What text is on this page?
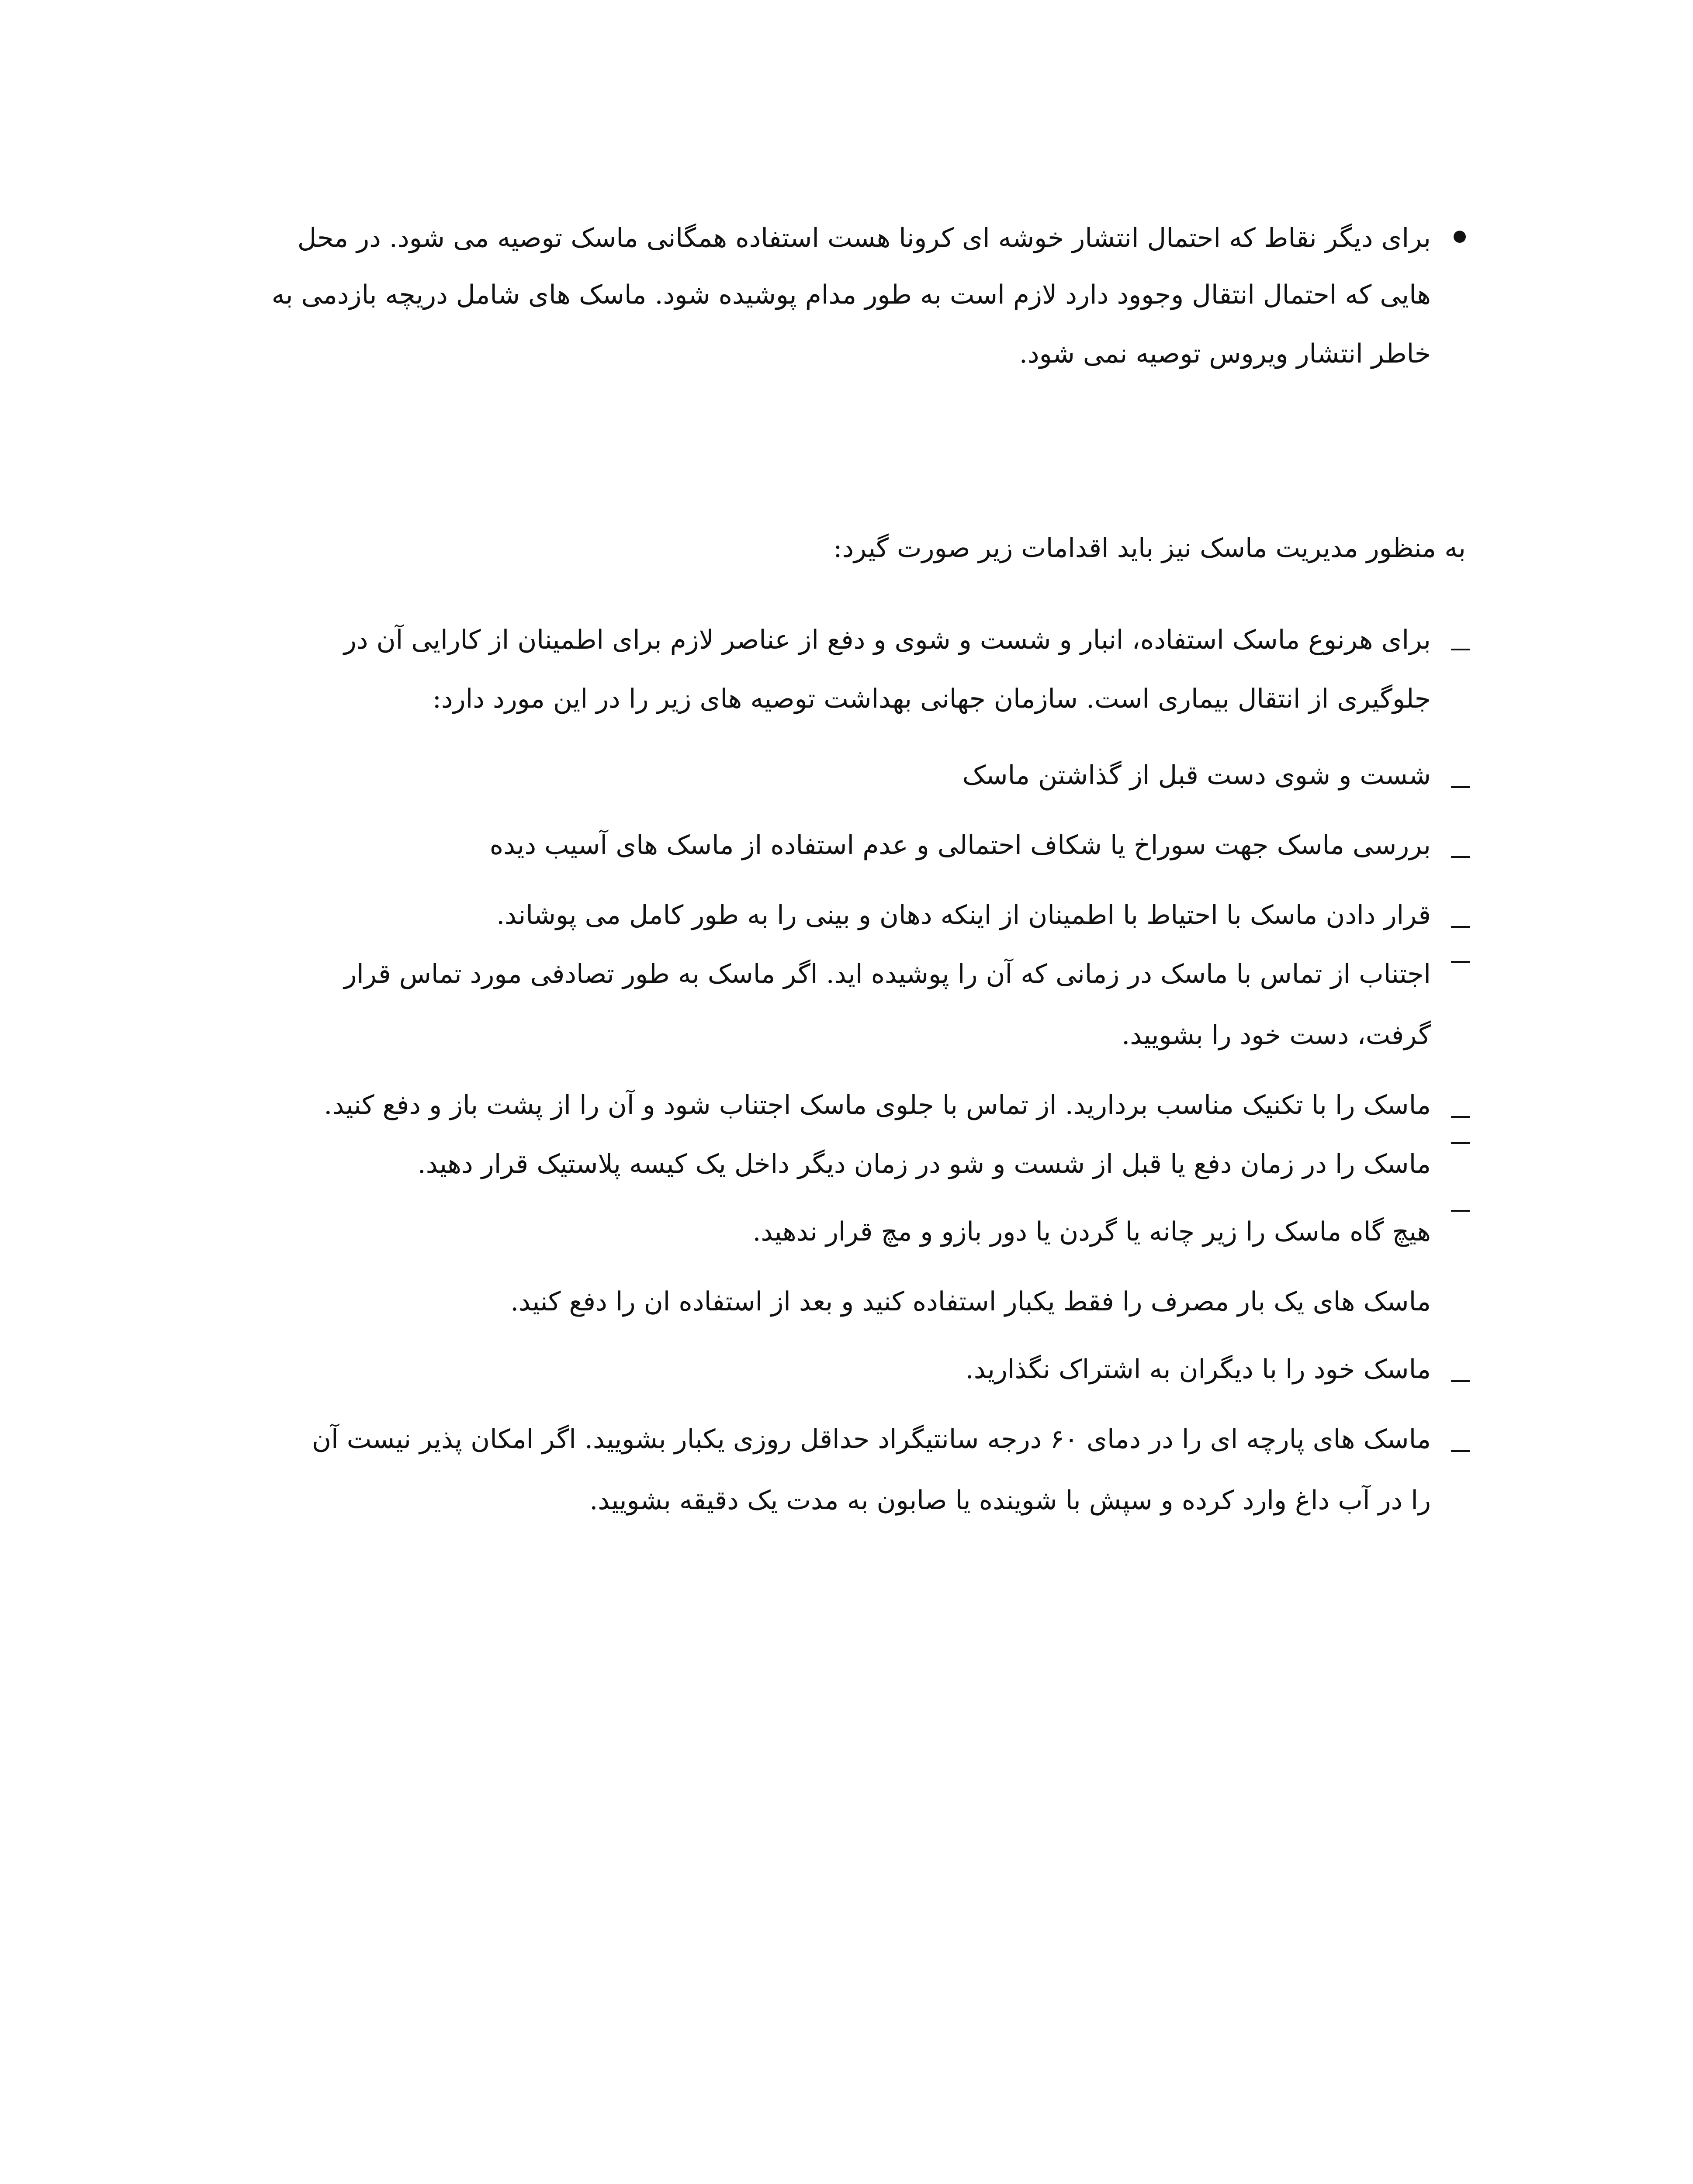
برای دیگر نقاط که احتمال انتشار خوشه ای کرونا هست استفاده همگانی ماسک توصیه می شود. در محل
هایی که احتمال انتقال وجوود دارد لازم است به طور مدام پوشیده شود. ماسک های شامل دریچه بازدمی به
خاطر انتشار ویروس توصیه نمی شود.
به منظور مدیریت ماسک نیز باید اقدامات زیر صورت گیرد:
برای هرنوع ماسک استفاده، انبار و شست و شوی و دفع از عناصر لازم برای اطمینان از کارایی آن در
جلوگیری از انتقال بیماری است. سازمان جهانی بهداشت توصیه های زیر را در این مورد دارد:
شست و شوی دست قبل از گذاشتن ماسک
بررسی ماسک جهت سوراخ یا شکاف احتمالی و عدم استفاده از ماسک های آسیب دیده
قرار دادن ماسک با احتیاط با اطمینان از اینکه دهان و بینی را به طور کامل می پوشاند.
اجتناب از تماس با ماسک در زمانی که آن را پوشیده اید. اگر ماسک به طور تصادفی مورد تماس قرار
گرفت، دست خود را بشویید.
ماسک را با تکنیک مناسب بردارید. از تماس با جلوی ماسک اجتناب شود و آن را از پشت باز و دفع کنید.
ماسک را در زمان دفع یا قبل از شست و شو در زمان دیگر داخل یک کیسه پلاستیک قرار دهید.
هیچ گاه ماسک را زیر چانه یا گردن یا دور بازو و مچ قرار ندهید.
ماسک های یک بار مصرف را فقط یکبار استفاده کنید و بعد از استفاده ان را دفع کنید.
ماسک خود را با دیگران به اشتراک نگذارید.
ماسک های پارچه ای را در دمای ۶۰ درجه سانتیگراد حداقل روزی یکبار بشویید. اگر امکان پذیر نیست آن
را در آب داغ وارد کرده و سپش با شوینده یا صابون به مدت یک دقیقه بشویید.
